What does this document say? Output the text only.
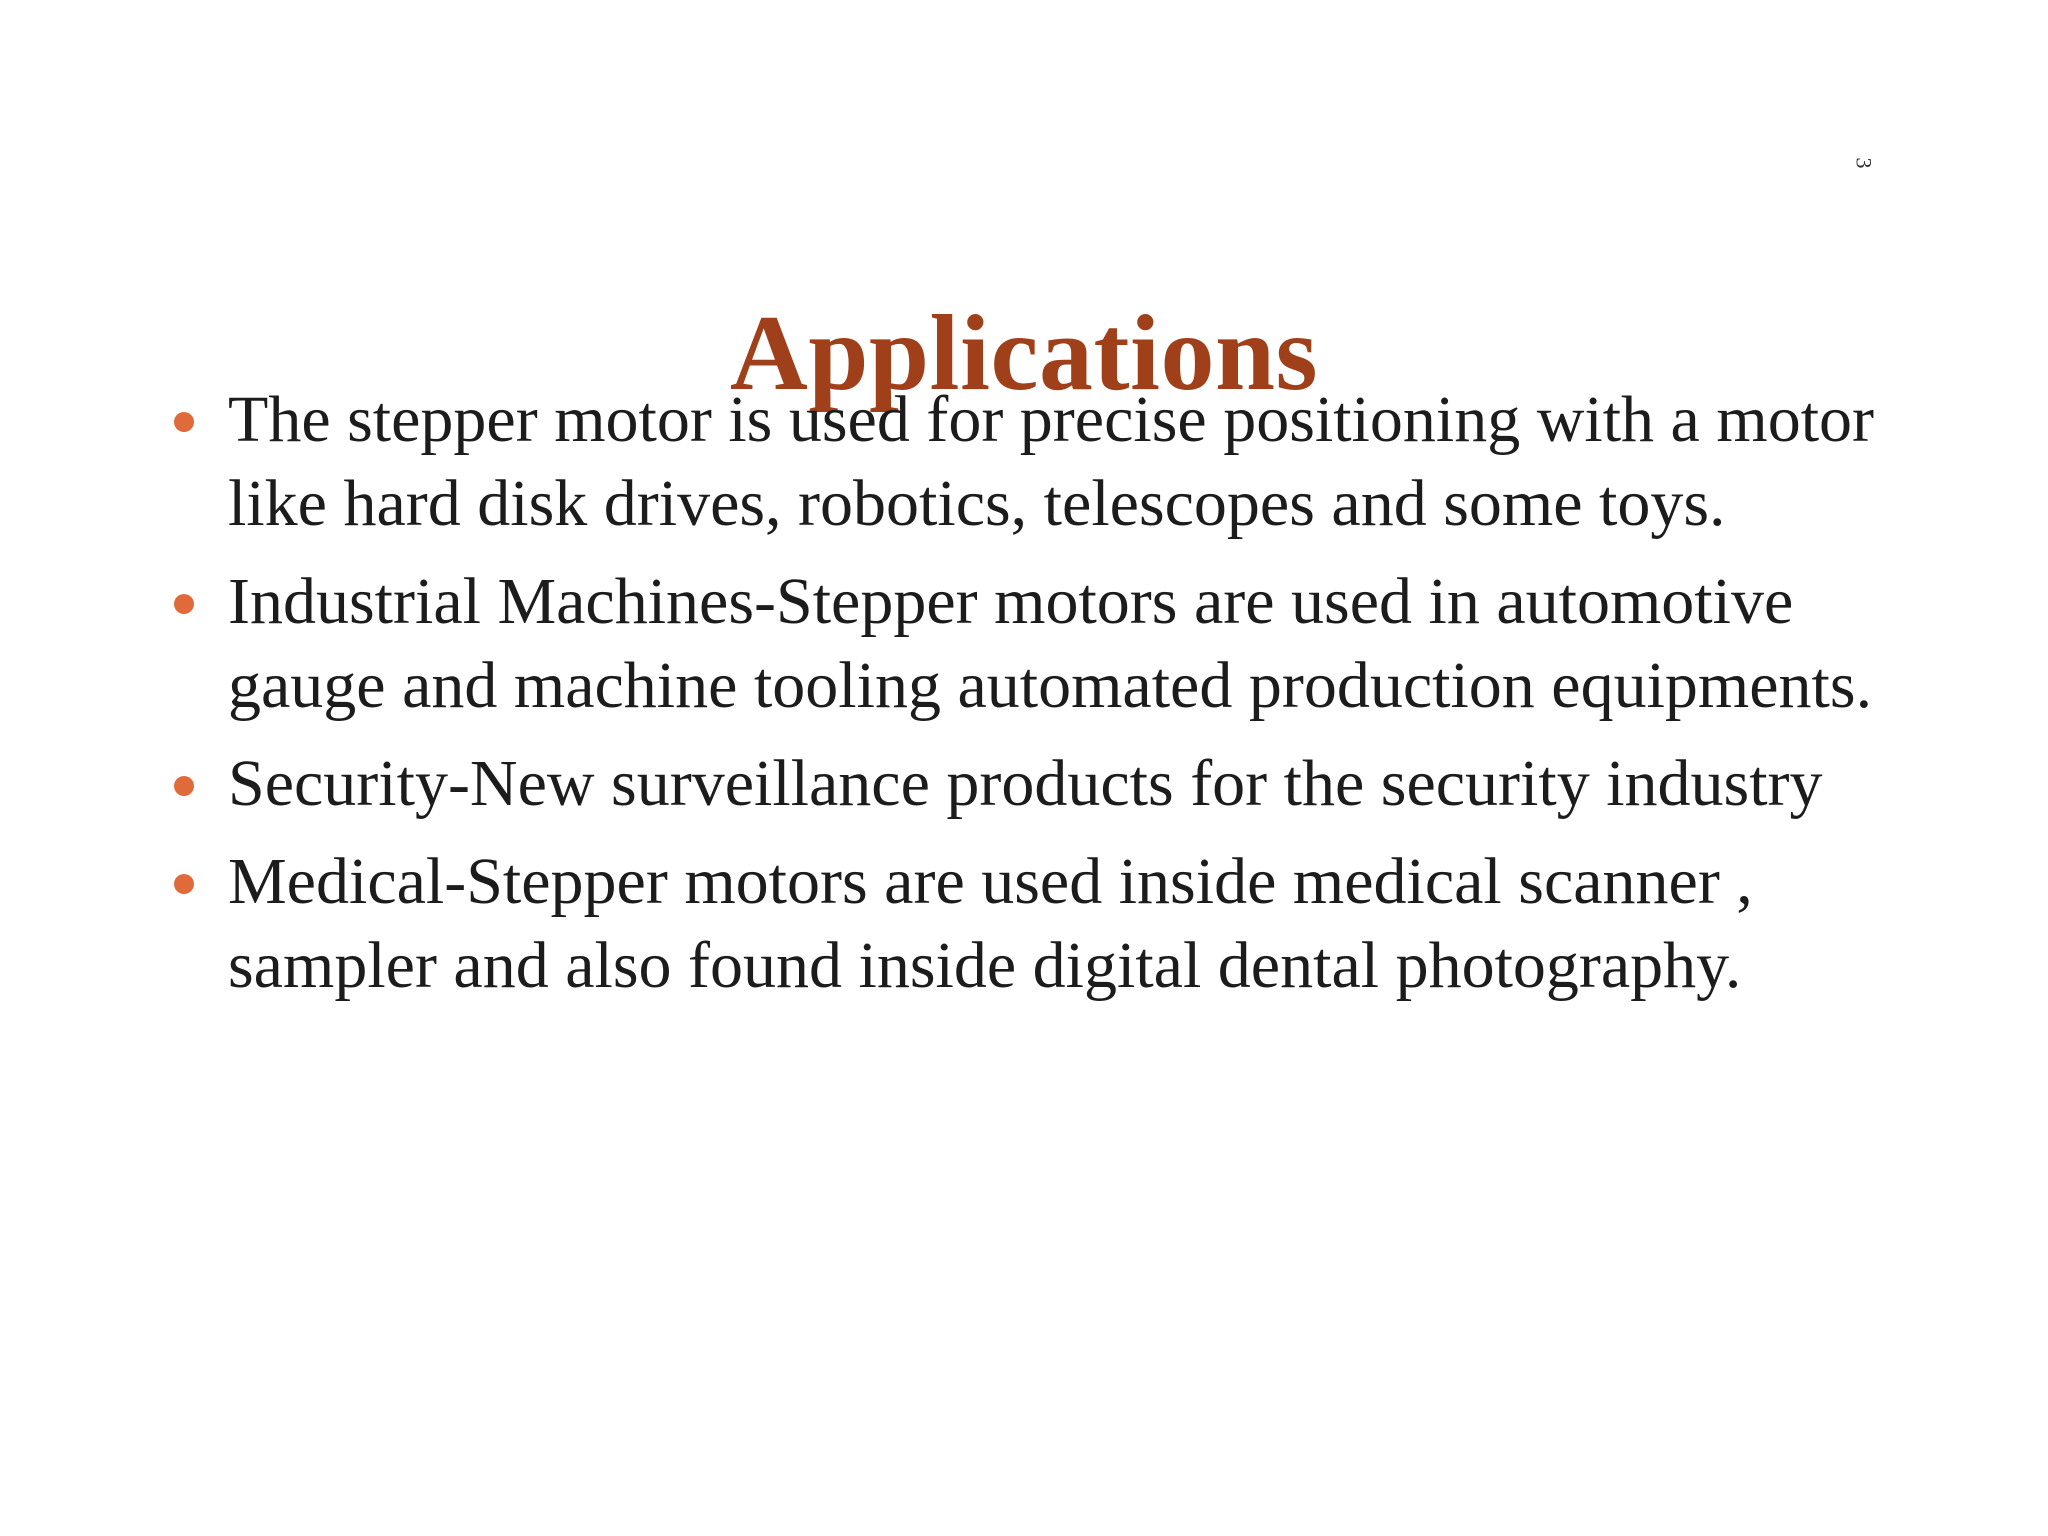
3
Applications
The stepper motor is used for precise positioning with a motor like hard disk drives, robotics, telescopes and some toys.
Industrial Machines-Stepper motors are used in automotive gauge and machine tooling automated production equipments.
Security-New surveillance products for the security industry
Medical-Stepper motors are used inside medical scanner , sampler and also found inside digital dental photography.
